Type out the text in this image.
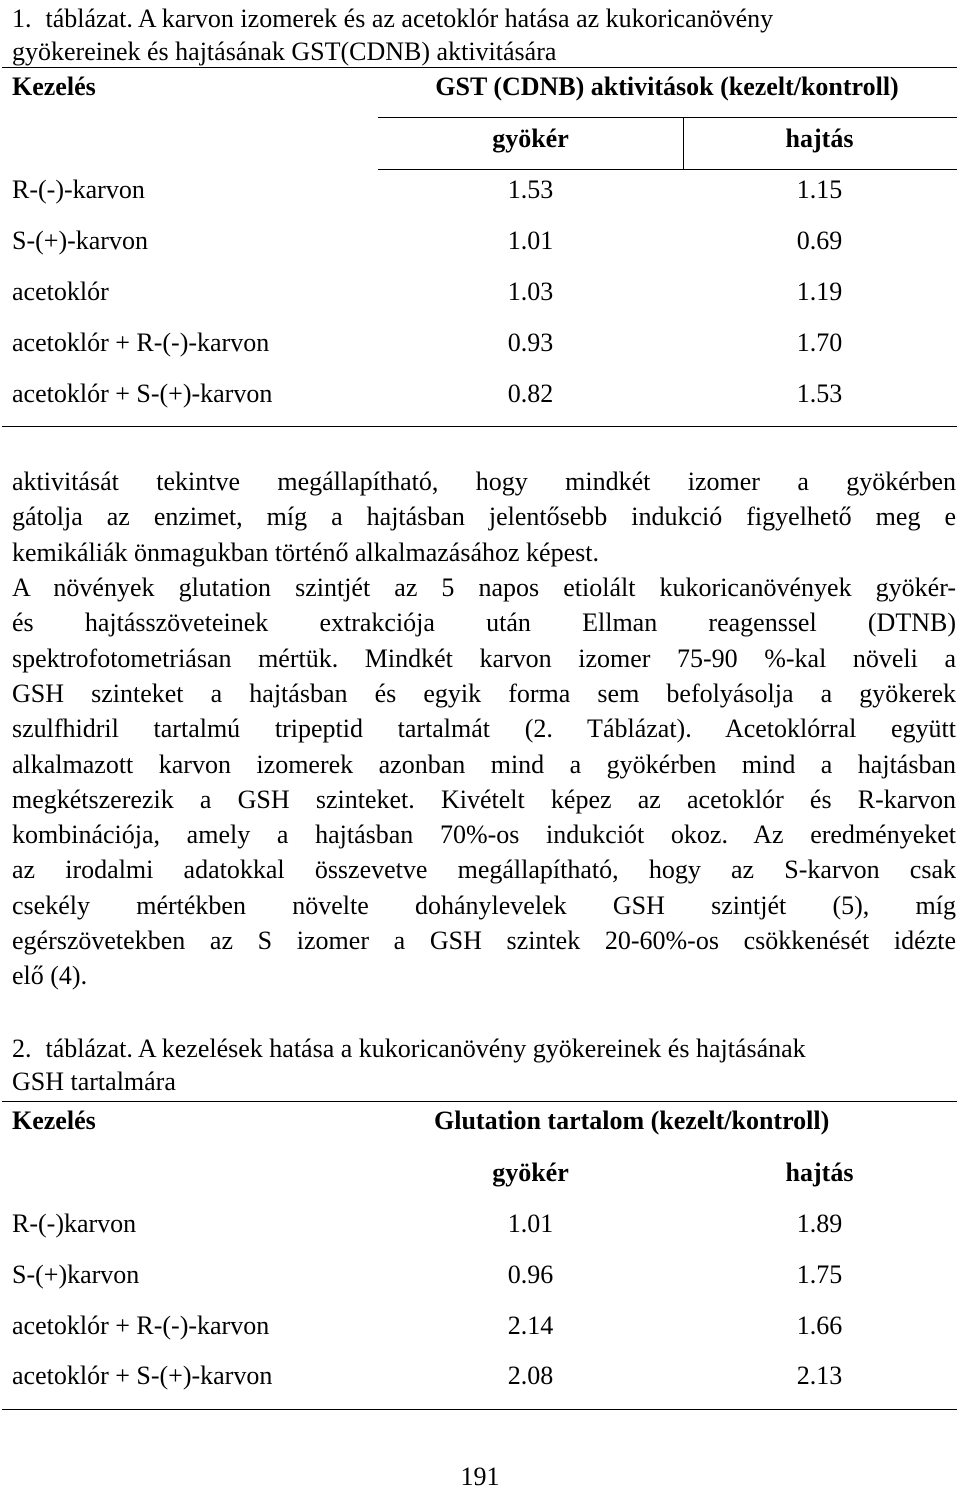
1. táblázat. A karvon izomerek és az acetoklór hatása az kukoricanövény
gyökereinek és hajtásának GST(CDNB) aktivitására
Kezelés	GST (CDNB) aktivitások (kezelt/kontroll)
gyökér	hajtás
R-(-)-karvon	1.53	1.15
S-(+)-karvon	1.01	0.69
acetoklór	1.03	1.19
acetoklór + R-(-)-karvon	0.93	1.70
acetoklór + S-(+)-karvon	0.82	1.53
aktivitását tekintve megállapítható, hogy mindkét izomer a gyökérben
gátolja az enzimet, míg a hajtásban jelentősebb indukció figyelhető meg e
kemikáliák önmagukban történő alkalmazásához képest.
A növények glutation szintjét az 5 napos etiolált kukoricanövények gyökér-
és hajtásszöveteinek extrakciója után Ellman reagenssel (DTNB)
spektrofotometriásan mértük. Mindkét karvon izomer 75-90 %-kal növeli a
GSH szinteket a hajtásban és egyik forma sem befolyásolja a gyökerek
szulfhidril tartalmú tripeptid tartalmát (2. Táblázat). Acetoklórral együtt
alkalmazott karvon izomerek azonban mind a gyökérben mind a hajtásban
megkétszerezik a GSH szinteket. Kivételt képez az acetoklór és R-karvon
kombinációja, amely a hajtásban 70%-os indukciót okoz. Az eredményeket
az irodalmi adatokkal összevetve megállapítható, hogy az S-karvon csak
csekély mértékben növelte dohánylevelek GSH szintjét (5), míg
egérszövetekben az S izomer a GSH szintek 20-60%-os csökkenését idézte
elő (4).
2. táblázat. A kezelések hatása a kukoricanövény gyökereinek és hajtásának
GSH tartalmára
Kezelés	Glutation tartalom (kezelt/kontroll)
gyökér	hajtás
R-(-)karvon	1.01	1.89
S-(+)karvon	0.96	1.75
acetoklór + R-(-)-karvon	2.14	1.66
acetoklór + S-(+)-karvon	2.08	2.13
191
